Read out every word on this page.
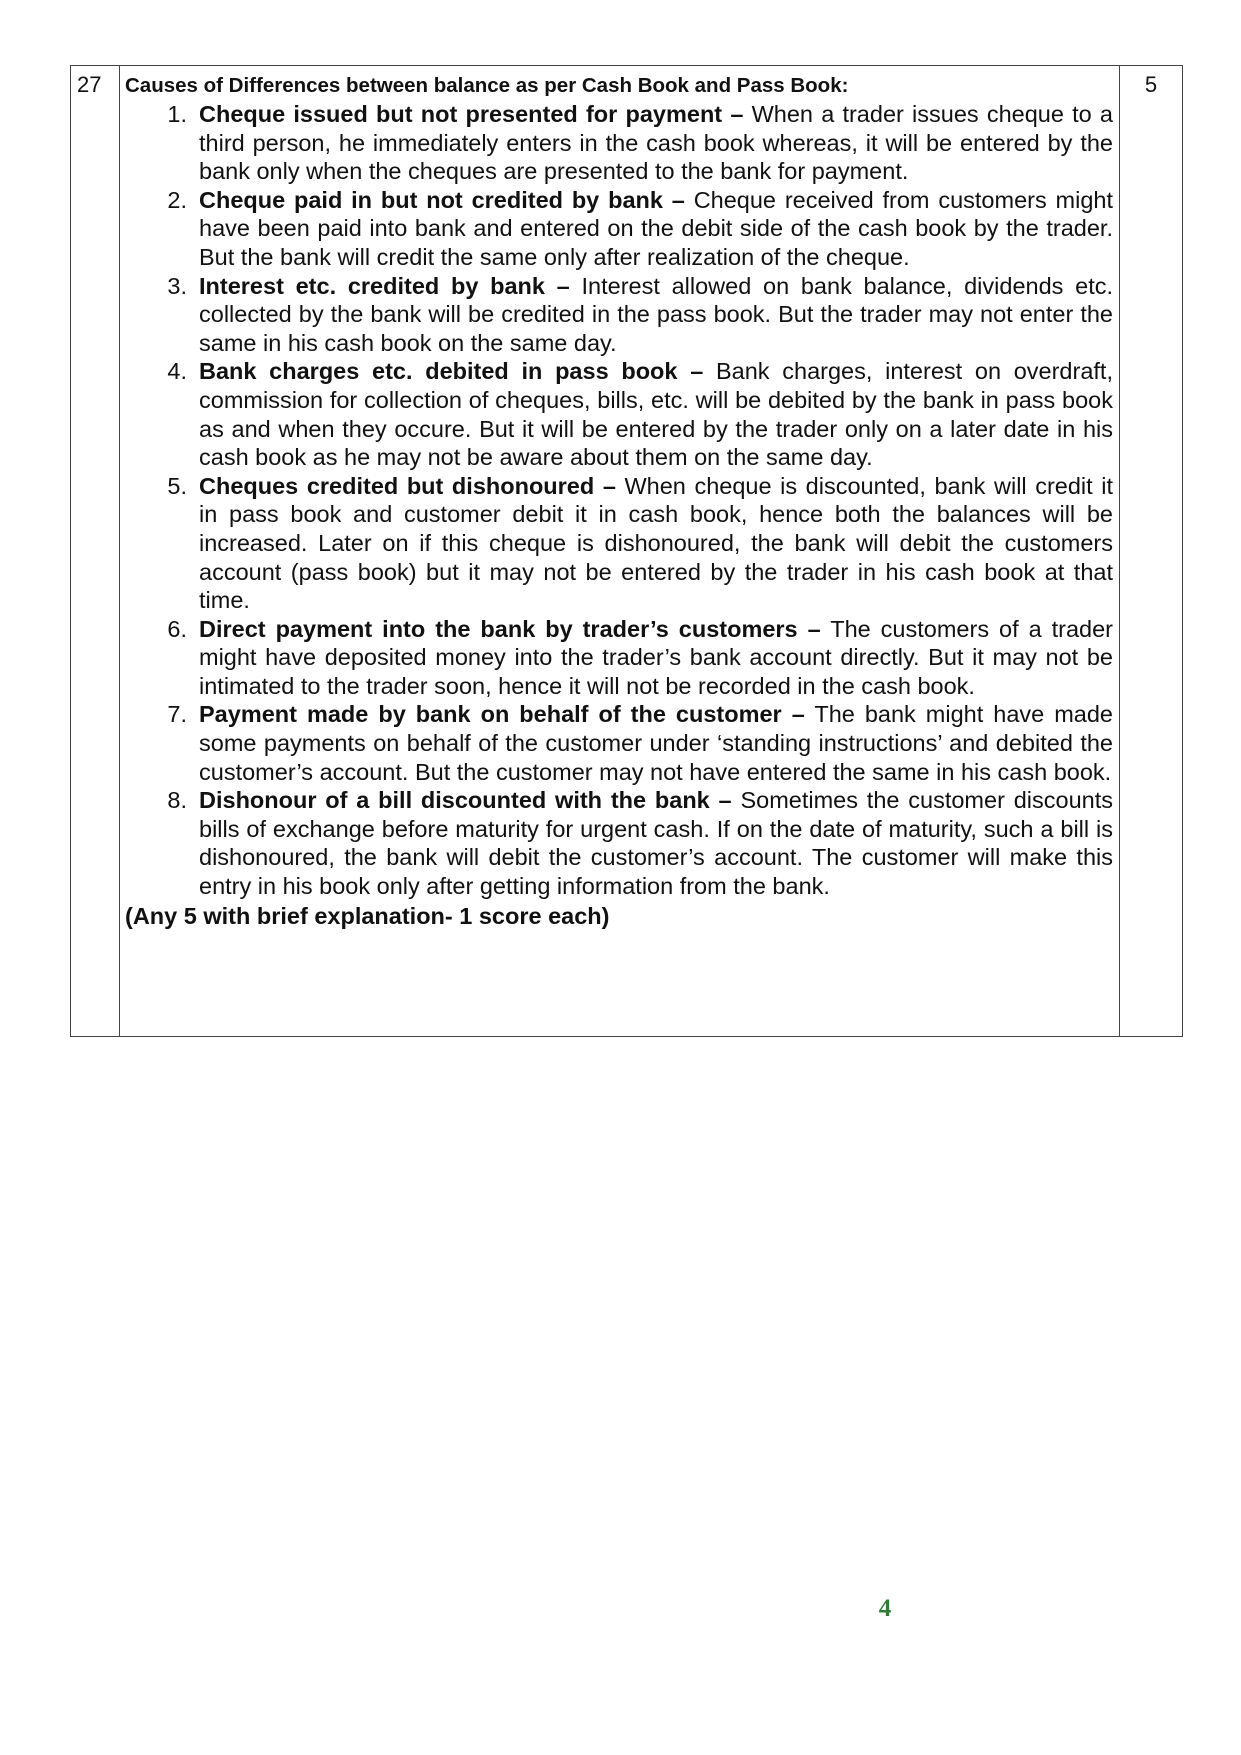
27	Causes of Differences between balance as per Cash Book and Pass Book:

1. Cheque issued but not presented for payment – When a trader issues cheque to a third person, he immediately enters in the cash book whereas, it will be entered by the bank only when the cheques are presented to the bank for payment.
2. Cheque paid in but not credited by bank – Cheque received from customers might have been paid into bank and entered on the debit side of the cash book by the trader. But the bank will credit the same only after realization of the cheque.
3. Interest etc. credited by bank – Interest allowed on bank balance, dividends etc. collected by the bank will be credited in the pass book. But the trader may not enter the same in his cash book on the same day.
4. Bank charges etc. debited in pass book – Bank charges, interest on overdraft, commission for collection of cheques, bills, etc. will be debited by the bank in pass book as and when they occure. But it will be entered by the trader only on a later date in his cash book as he may not be aware about them on the same day.
5. Cheques credited but dishonoured – When cheque is discounted, bank will credit it in pass book and customer debit it in cash book, hence both the balances will be increased. Later on if this cheque is dishonoured, the bank will debit the customers account (pass book) but it may not be entered by the trader in his cash book at that time.
6. Direct payment into the bank by trader’s customers – The customers of a trader might have deposited money into the trader’s bank account directly. But it may not be intimated to the trader soon, hence it will not be recorded in the cash book.
7. Payment made by bank on behalf of the customer – The bank might have made some payments on behalf of the customer under ‘standing instructions’ and debited the customer’s account. But the customer may not have entered the same in his cash book.
8. Dishonour of a bill discounted with the bank – Sometimes the customer discounts bills of exchange before maturity for urgent cash. If on the date of maturity, such a bill is dishonoured, the bank will debit the customer’s account. The customer will make this entry in his book only after getting information from the bank.

(Any 5 with brief explanation- 1 score each)

5
4
